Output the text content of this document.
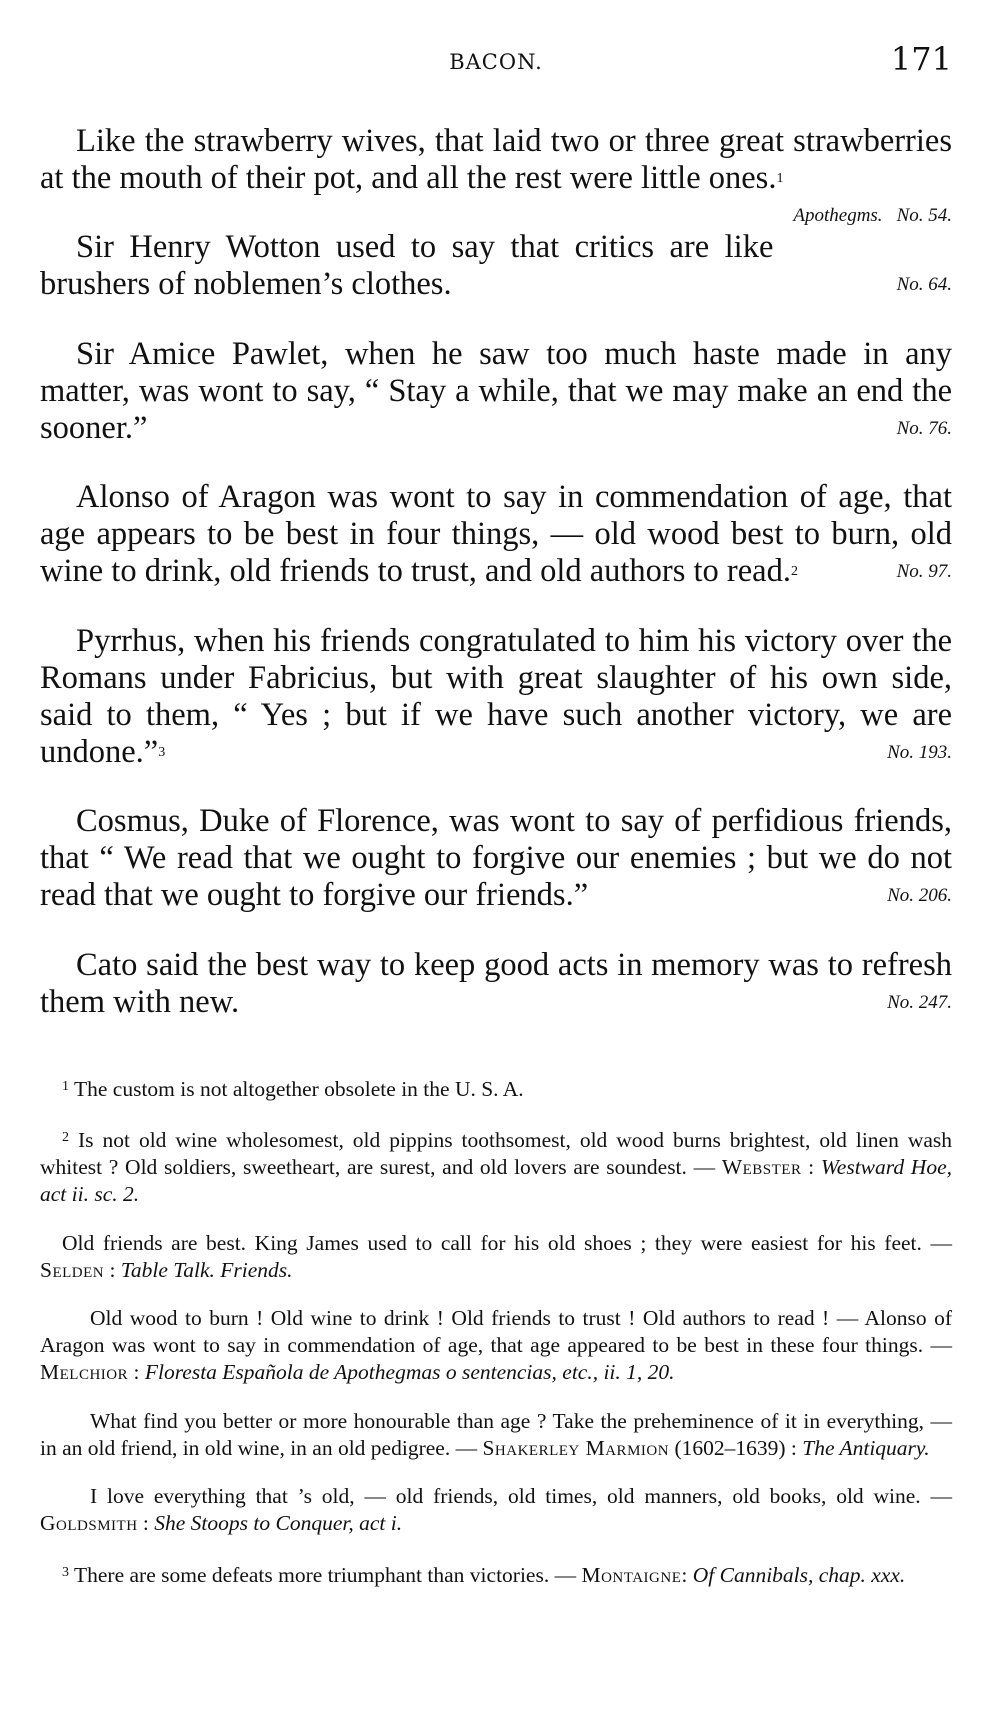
BACON.	171

Like the strawberry wives, that laid two or three great strawberries at the mouth of their pot, and all the rest were little ones.$^1$
Apothegms. No. 54.

Sir Henry Wotton used to say that critics are like brushers of noblemen’s clothes.	No. 64.

Sir Amice Pawlet, when he saw too much haste made in any matter, was wont to say, “ Stay a while, that we may make an end the sooner.”	No. 76.

Alonso of Aragon was wont to say in commendation of age, that age appears to be best in four things, — old wood best to burn, old wine to drink, old friends to trust, and old authors to read.$^2$	No. 97.

Pyrrhus, when his friends congratulated to him his victory over the Romans under Fabricius, but with great slaughter of his own side, said to them, “ Yes ; but if we have such another victory, we are undone.”$^3$	No. 193.

Cosmus, Duke of Florence, was wont to say of perfidious friends, that “ We read that we ought to forgive our enemies ; but we do not read that we ought to forgive our friends.”	No. 206.

Cato said the best way to keep good acts in memory was to refresh them with new.	No. 247.

$^1$ The custom is not altogether obsolete in the U. S. A.

$^2$ Is not old wine wholesomest, old pippins toothsomest, old wood burns brightest, old linen wash whitest ? Old soldiers, sweetheart, are surest, and old lovers are soundest. — Webster : Westward Hoe, act ii. sc. 2.

Old friends are best. King James used to call for his old shoes ; they were easiest for his feet. — Selden : Table Talk. Friends.

Old wood to burn ! Old wine to drink ! Old friends to trust ! Old authors to read ! — Alonso of Aragon was wont to say in commendation of age, that age appeared to be best in these four things. — Melchior : Floresta Española de Apothegmas o sentencias, etc., ii. 1, 20.

What find you better or more honourable than age ? Take the preheminence of it in everything, — in an old friend, in old wine, in an old pedigree. — Shakerley Marmion (1602–1639) : The Antiquary.

I love everything that ’s old, — old friends, old times, old manners, old books, old wine. — Goldsmith : She Stoops to Conquer, act i.

$^3$ There are some defeats more triumphant than victories. — Montaigne: Of Cannibals, chap. xxx.
